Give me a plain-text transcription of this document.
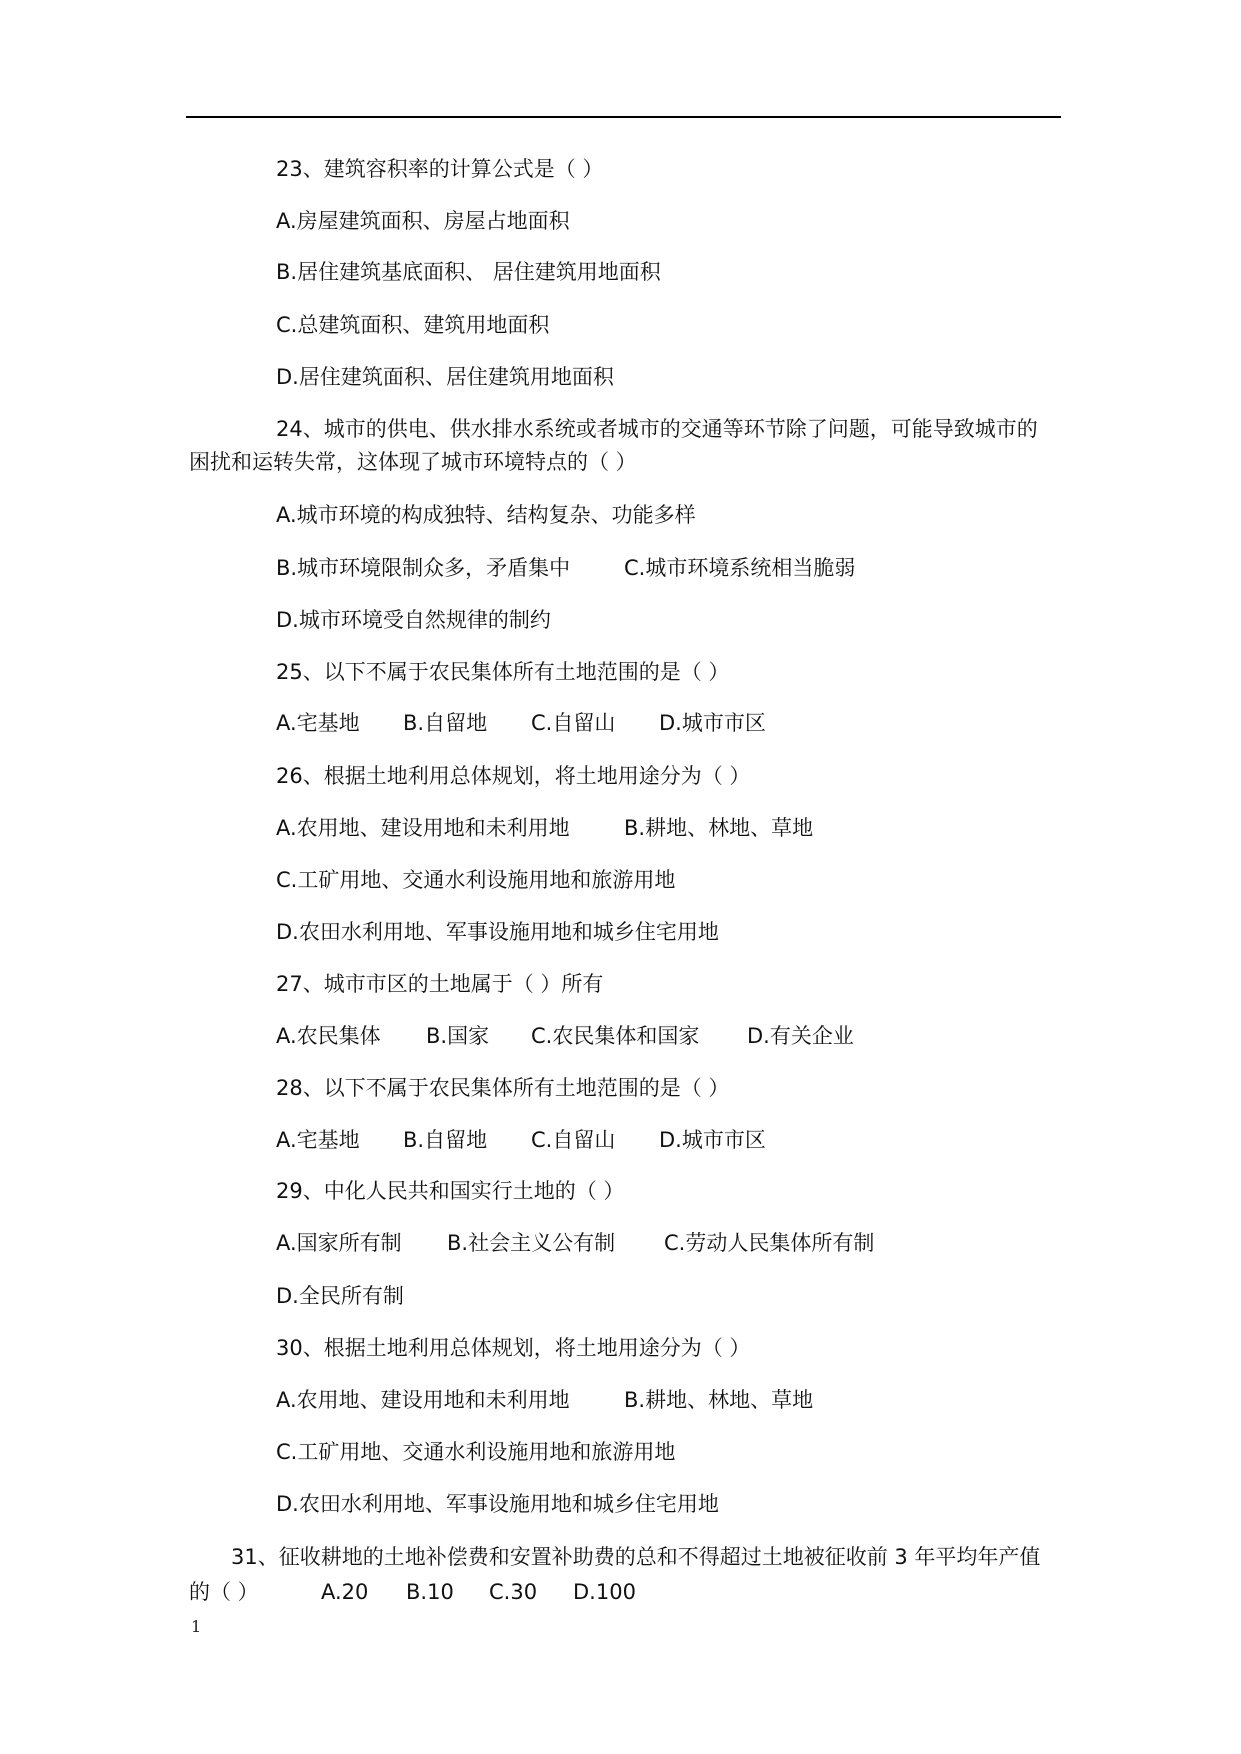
23、建筑容积率的计算公式是（ ）
A.房屋建筑面积、房屋占地面积
B.居住建筑基底面积、 居住建筑用地面积
C.总建筑面积、建筑用地面积
D.居住建筑面积、居住建筑用地面积
24、城市的供电、供水排水系统或者城市的交通等环节除了问题，可能导致城市的
困扰和运转失常，这体现了城市环境特点的（ ）
A.城市环境的构成独特、结构复杂、功能多样
B.城市环境限制众多，矛盾集中	C.城市环境系统相当脆弱
D.城市环境受自然规律的制约
25、以下不属于农民集体所有土地范围的是（ ）
A.宅基地 B.自留地 C.自留山 D.城市市区
26、根据土地利用总体规划，将土地用途分为（ ）
A.农用地、建设用地和未利用地	B.耕地、林地、草地
C.工矿用地、交通水利设施用地和旅游用地
D.农田水利用地、军事设施用地和城乡住宅用地
27、城市市区的土地属于（ ）所有
A.农民集体 B.国家 C.农民集体和国家 D.有关企业
28、以下不属于农民集体所有土地范围的是（ ）
A.宅基地 B.自留地 C.自留山 D.城市市区
29、中化人民共和国实行土地的（ ）
A.国家所有制 B.社会主义公有制 C.劳动人民集体所有制
D.全民所有制
30、根据土地利用总体规划，将土地用途分为（ ）
A.农用地、建设用地和未利用地	B.耕地、林地、草地
C.工矿用地、交通水利设施用地和旅游用地
D.农田水利用地、军事设施用地和城乡住宅用地
31、征收耕地的土地补偿费和安置补助费的总和不得超过土地被征收前 3 年平均年产值
的（ ）	A.20 B.10 C.30 D.100
1
